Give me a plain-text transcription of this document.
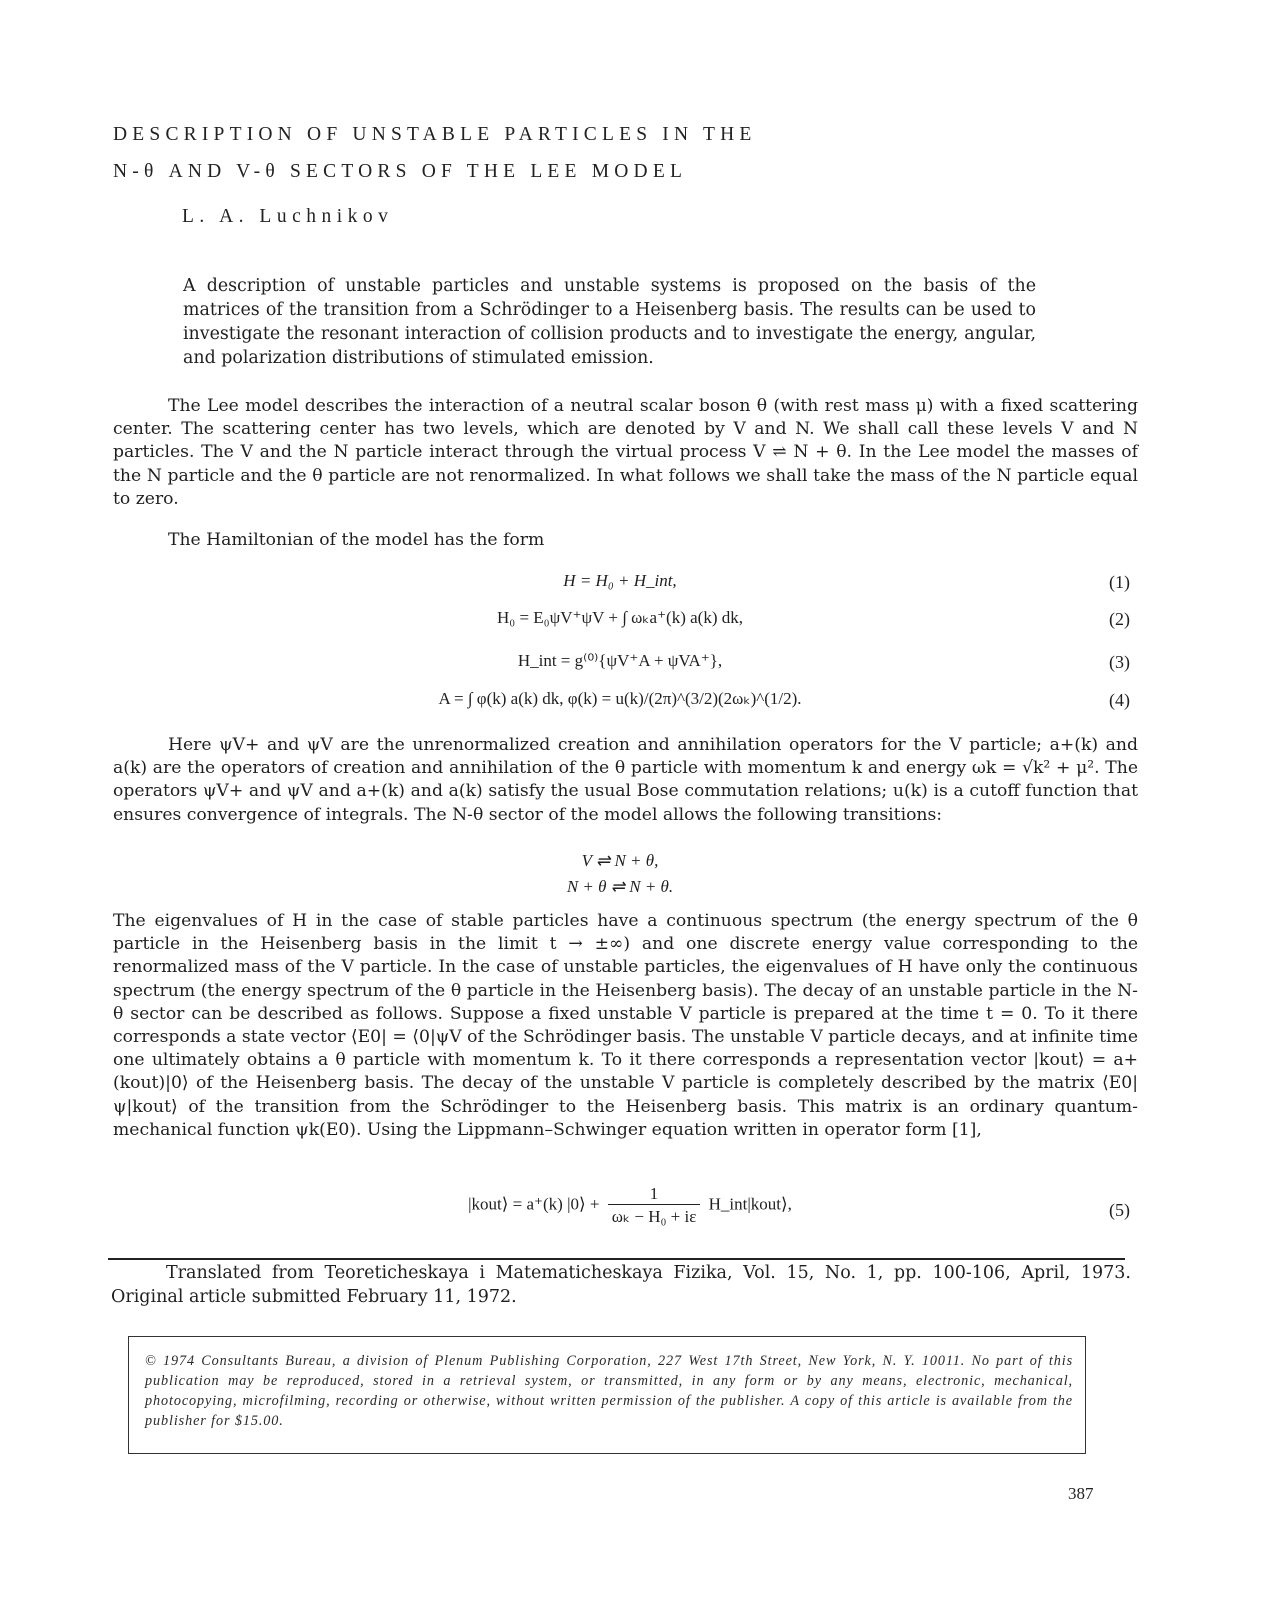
DESCRIPTION OF UNSTABLE PARTICLES IN THE
N-θ AND V-θ SECTORS OF THE LEE MODEL
L. A. Luchnikov
A description of unstable particles and unstable systems is proposed on the basis of the matrices of the transition from a Schrödinger to a Heisenberg basis. The results can be used to investigate the resonant interaction of collision products and to investigate the energy, angular, and polarization distributions of stimulated emission.
The Lee model describes the interaction of a neutral scalar boson θ (with rest mass μ) with a fixed scattering center. The scattering center has two levels, which are denoted by V and N. We shall call these levels V and N particles. The V and the N particle interact through the virtual process V ⇌ N + θ. In the Lee model the masses of the N particle and the θ particle are not renormalized. In what follows we shall take the mass of the N particle equal to zero.
The Hamiltonian of the model has the form
H = H₀ + H_int,	(1)
H₀ = E₀ψV⁺ψV + ∫ ωₖa⁺(k) a(k) dk,	(2)
H_int = g⁽⁰⁾{ψV⁺A + ψVA⁺},	(3)
A = ∫ φ(k) a(k) dk, φ(k) = u(k)/(2π)^(3/2)(2ωₖ)^(1/2).	(4)
Here ψV+ and ψV are the unrenormalized creation and annihilation operators for the V particle; a+(k) and a(k) are the operators of creation and annihilation of the θ particle with momentum k and energy ωk = √k² + μ². The operators ψV+ and ψV and a+(k) and a(k) satisfy the usual Bose commutation relations; u(k) is a cutoff function that ensures convergence of integrals. The N-θ sector of the model allows the following transitions:
V ⇌ N + θ,
N + θ ⇌ N + θ.
The eigenvalues of H in the case of stable particles have a continuous spectrum (the energy spectrum of the θ particle in the Heisenberg basis in the limit t → ±∞) and one discrete energy value corresponding to the renormalized mass of the V particle. In the case of unstable particles, the eigenvalues of H have only the continuous spectrum (the energy spectrum of the θ particle in the Heisenberg basis). The decay of an unstable particle in the N-θ sector can be described as follows. Suppose a fixed unstable V particle is prepared at the time t = 0. To it there corresponds a state vector ⟨E0| = ⟨0|ψV of the Schrödinger basis. The unstable V particle decays, and at infinite time one ultimately obtains a θ particle with momentum k. To it there corresponds a representation vector |kout⟩ = a+(kout)|0⟩ of the Heisenberg basis. The decay of the unstable V particle is completely described by the matrix ⟨E0|ψ|kout⟩ of the transition from the Schrödinger to the Heisenberg basis. This matrix is an ordinary quantum-mechanical function ψk(E0). Using the Lippmann–Schwinger equation written in operator form [1],
|kout⟩ = a⁺(k) |0⟩ + $\frac{1}{\text{ωₖ − H₀ + iε}}$ H_int|kout⟩,	(5)
Translated from Teoreticheskaya i Matematicheskaya Fizika, Vol. 15, No. 1, pp. 100-106, April, 1973. Original article submitted February 11, 1972.
© 1974 Consultants Bureau, a division of Plenum Publishing Corporation, 227 West 17th Street, New York, N. Y. 10011. No part of this publication may be reproduced, stored in a retrieval system, or transmitted, in any form or by any means, electronic, mechanical, photocopying, microfilming, recording or otherwise, without written permission of the publisher. A copy of this article is available from the publisher for $15.00.
387
